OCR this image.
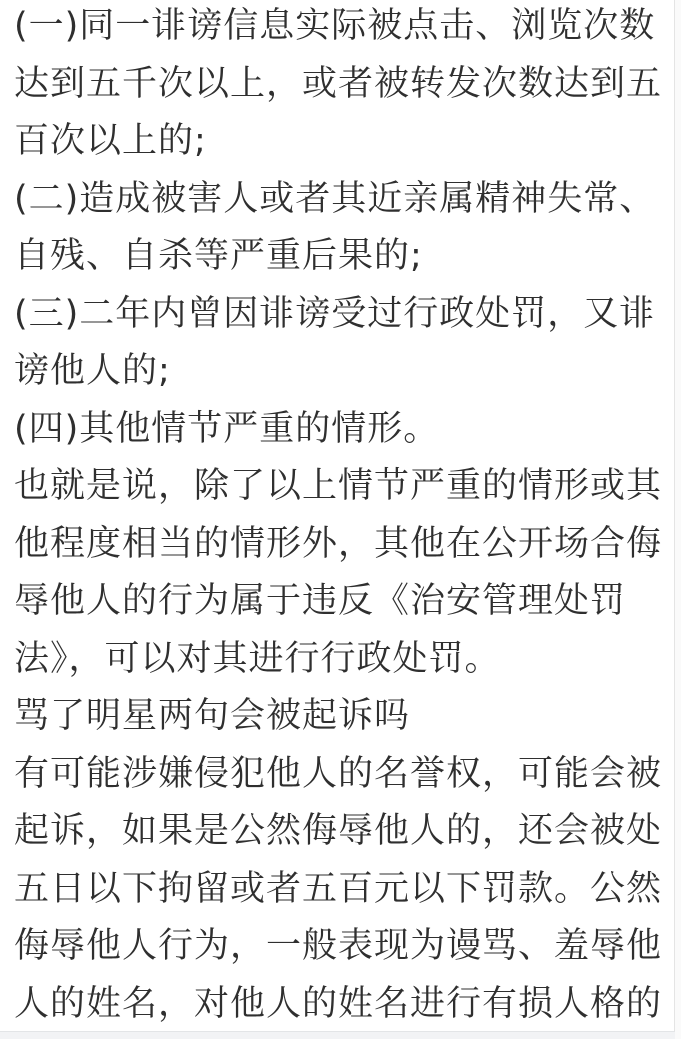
(一)同一诽谤信息实际被点击、浏览次数
达到五千次以上，或者被转发次数达到五
百次以上的;
(二)造成被害人或者其近亲属精神失常、
自残、自杀等严重后果的;
(三)二年内曾因诽谤受过行政处罚，又诽
谤他人的;
(四)其他情节严重的情形。
也就是说，除了以上情节严重的情形或其
他程度相当的情形外，其他在公开场合侮
辱他人的行为属于违反《治安管理处罚
法》，可以对其进行行政处罚。
骂了明星两句会被起诉吗
有可能涉嫌侵犯他人的名誉权，可能会被
起诉，如果是公然侮辱他人的，还会被处
五日以下拘留或者五百元以下罚款。公然
侮辱他人行为，一般表现为谩骂、羞辱他
人的姓名，对他人的姓名进行有损人格的
